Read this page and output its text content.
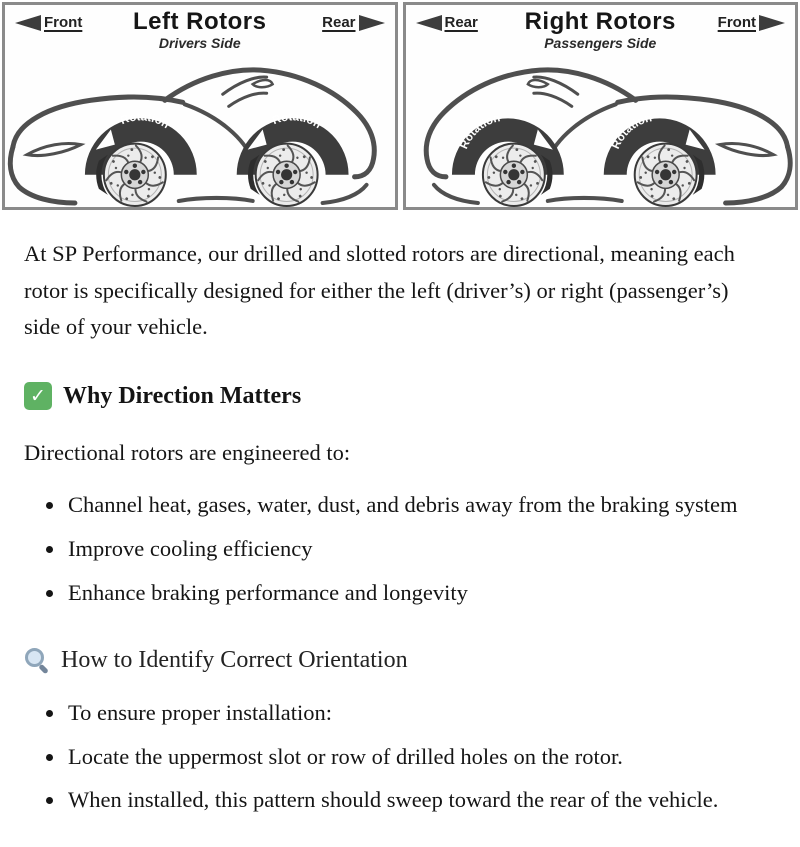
Front	Left Rotors
Drivers Side
Rear	Rear	Right Rotors
Passengers Side
Front

At SP Performance, our drilled and slotted rotors are directional, meaning each rotor is specifically designed for either the left (driver’s) or right (passenger’s) side of your vehicle.

✓ Why Direction Matters

Directional rotors are engineered to:

• Channel heat, gases, water, dust, and debris away from the braking system
• Improve cooling efficiency
• Enhance braking performance and longevity
How to Identify Correct Orientation
• To ensure proper installation:
• Locate the uppermost slot or row of drilled holes on the rotor.
• When installed, this pattern should sweep toward the rear of the vehicle.
